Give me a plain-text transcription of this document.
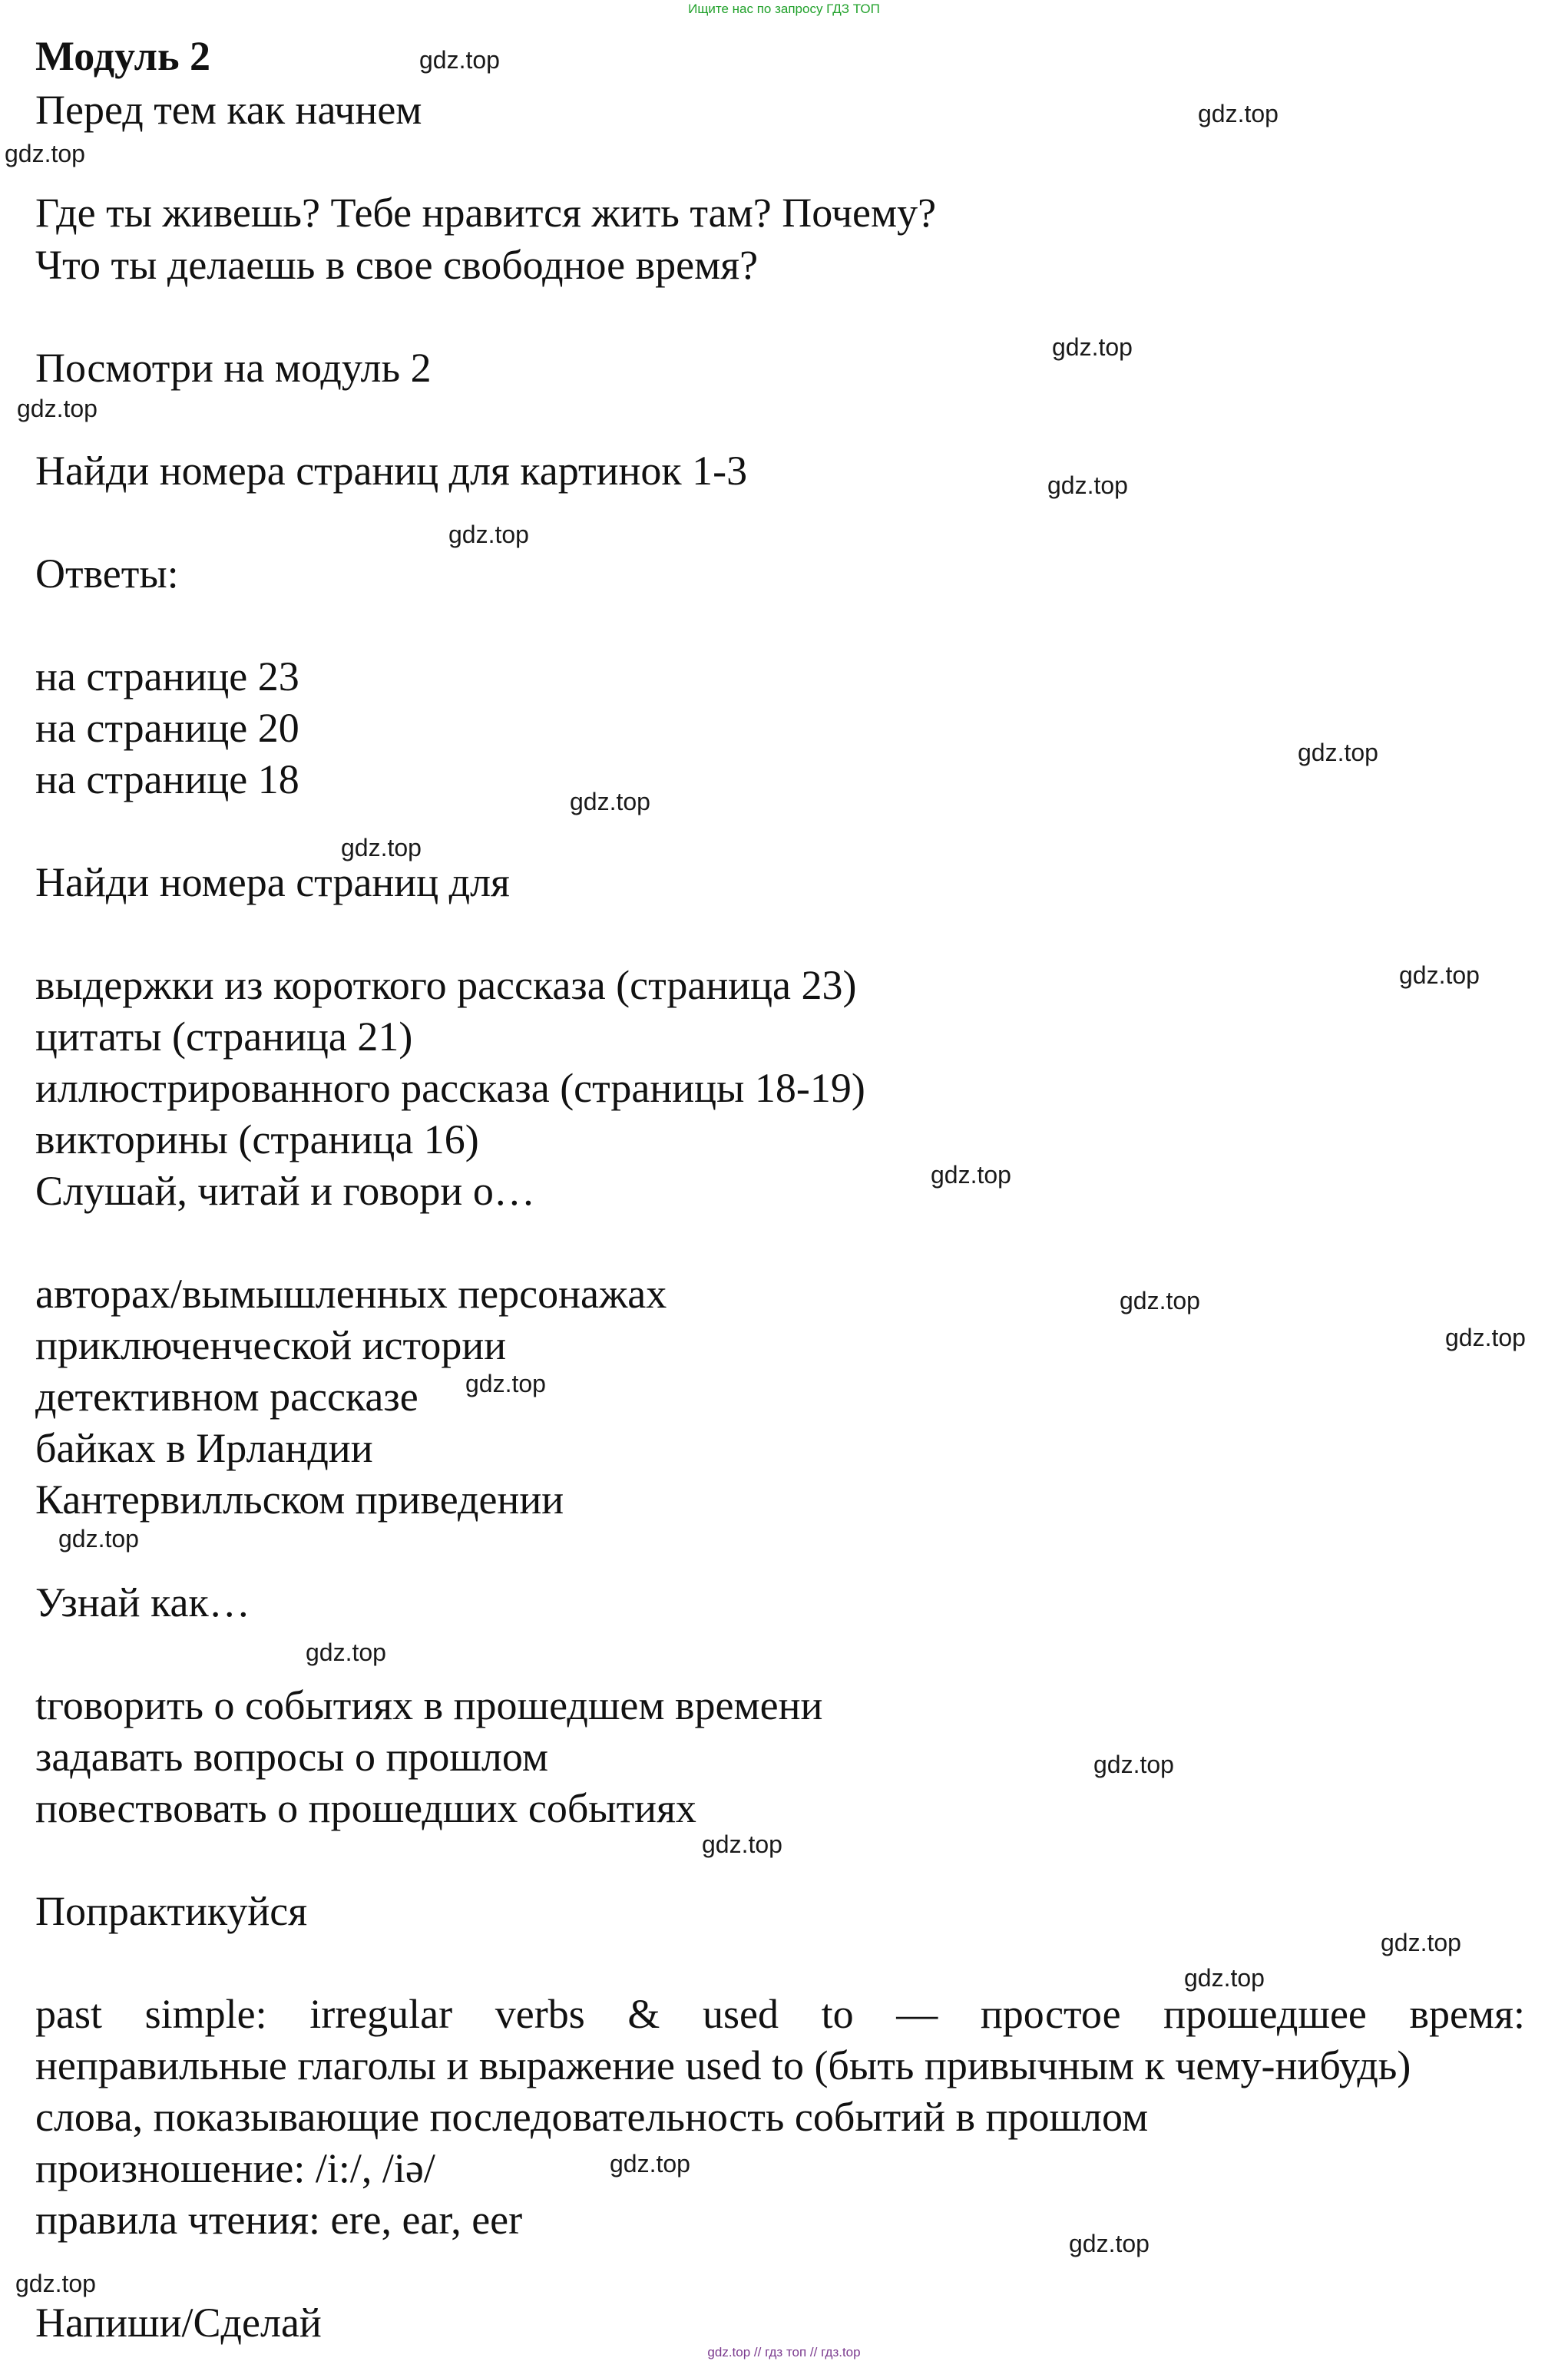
Ищите нас по запросу ГДЗ ТОП
Модуль 2
Перед тем как начнем
Где ты живешь? Тебе нравится жить там? Почему?
Что ты делаешь в свое свободное время?
Посмотри на модуль 2
Найди номера страниц для картинок 1-3
Ответы:
на странице 23
на странице 20
на странице 18
Найди номера страниц для
выдержки из короткого рассказа (страница 23)
цитаты (страница 21)
иллюстрированного рассказа (страницы 18-19)
викторины (страница 16)
Слушай, читай и говори о…
авторах/вымышленных персонажах
приключенческой истории
детективном рассказе
байках в Ирландии
Кантервилльском приведении
Узнай как…
tговорить о событиях в прошедшем времени
задавать вопросы о прошлом
повествовать о прошедших событиях
Попрактикуйся
past simple: irregular verbs & used to — простое прошедшее время:
неправильные глаголы и выражение used to (быть привычным к чему-нибудь)
слова, показывающие последовательность событий в прошлом
произношение: /i:/, /iə/
правила чтения: ere, ear, eer
Напиши/Сделай
gdz.top
gdz.top
gdz.top
gdz.top
gdz.top
gdz.top
gdz.top
gdz.top
gdz.top
gdz.top
gdz.top
gdz.top
gdz.top
gdz.top
gdz.top
gdz.top
gdz.top
gdz.top
gdz.top
gdz.top
gdz.top
gdz.top
gdz.top
gdz.top
gdz.top // гдз топ // гдз.top
